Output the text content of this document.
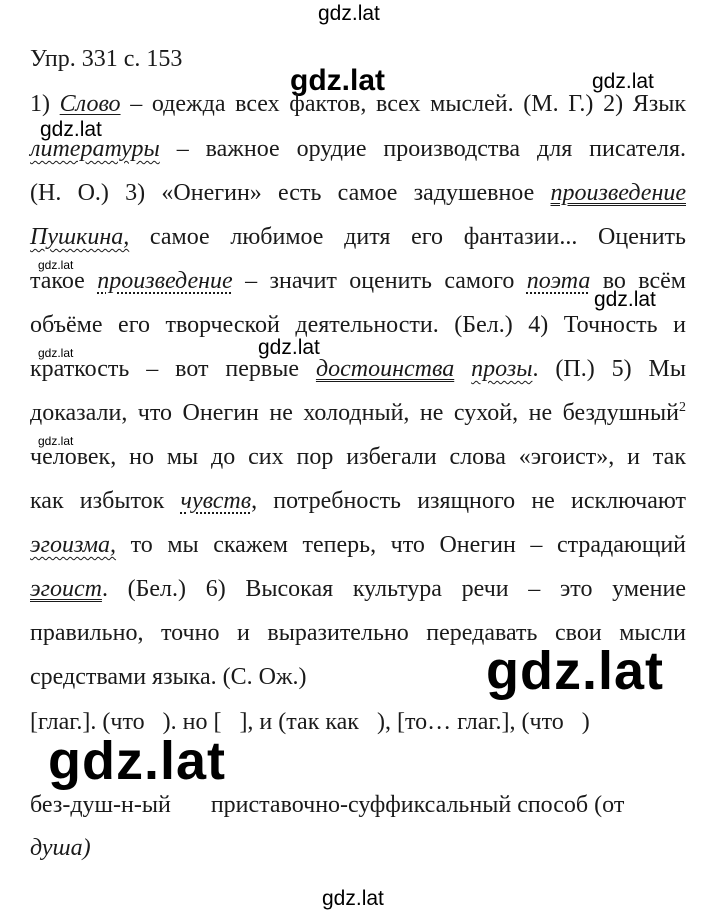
gdz.lat
gdz.lat	gdz.lat
gdz.lat
gdz.lat
gdz.lat
gdz.lat	gdz.lat
gdz.lat
gdz.lat
gdz.lat
gdz.lat
Упр. 331 с. 153
1) Слово – одежда всех фактов, всех мыслей. (М. Г.) 2) Язык
литературы – важное орудие производства для писателя.
(Н. О.) 3) «Онегин» есть самое задушевное произведение
Пушкина, самое любимое дитя его фантазии... Оценить
такое произведение – значит оценить самого поэта во всём
объёме его творческой деятельности. (Бел.) 4) Точность и
краткость – вот первые достоинства прозы. (П.) 5) Мы
доказали, что Онегин не холодный, не сухой, не бездушный$^2$
человек, но мы до сих пор избегали слова «эгоист», и так
как избыток чувств, потребность изящного не исключают
эгоизма, то мы скажем теперь, что Онегин – страдающий
эгоист. (Бел.) 6) Высокая культура речи – это умение
правильно, точно и выразительно передавать свои мысли
средствами языка. (С. Ож.)
[глаг.]. (что   ). но [   ], и (так как   ), [то… глаг.], (что   )
без-душ-н-ый приставочно-суффиксальный способ (от
душа)
